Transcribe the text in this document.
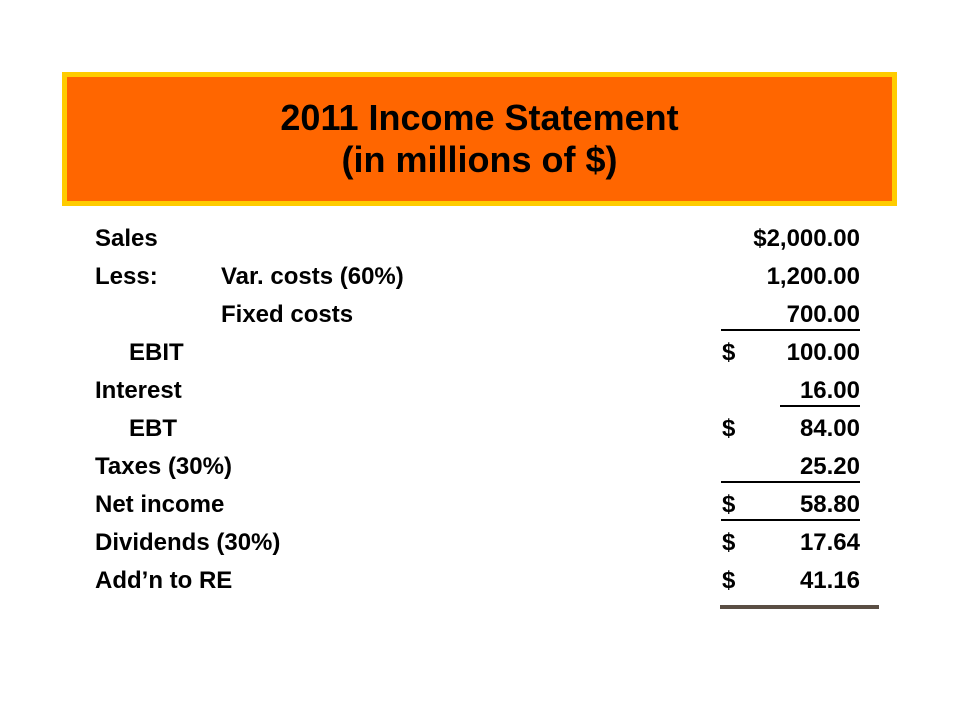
2011 Income Statement
(in millions of $)
Sales	$2,000.00
Less:	Var. costs (60%)	1,200.00
Fixed costs	700.00
EBIT	$ 100.00
Interest	16.00
EBT	$	84.00
Taxes (30%)	25.20
Net income	$	58.80
Dividends (30%)	$	17.64
Add’n to RE	$	41.16
